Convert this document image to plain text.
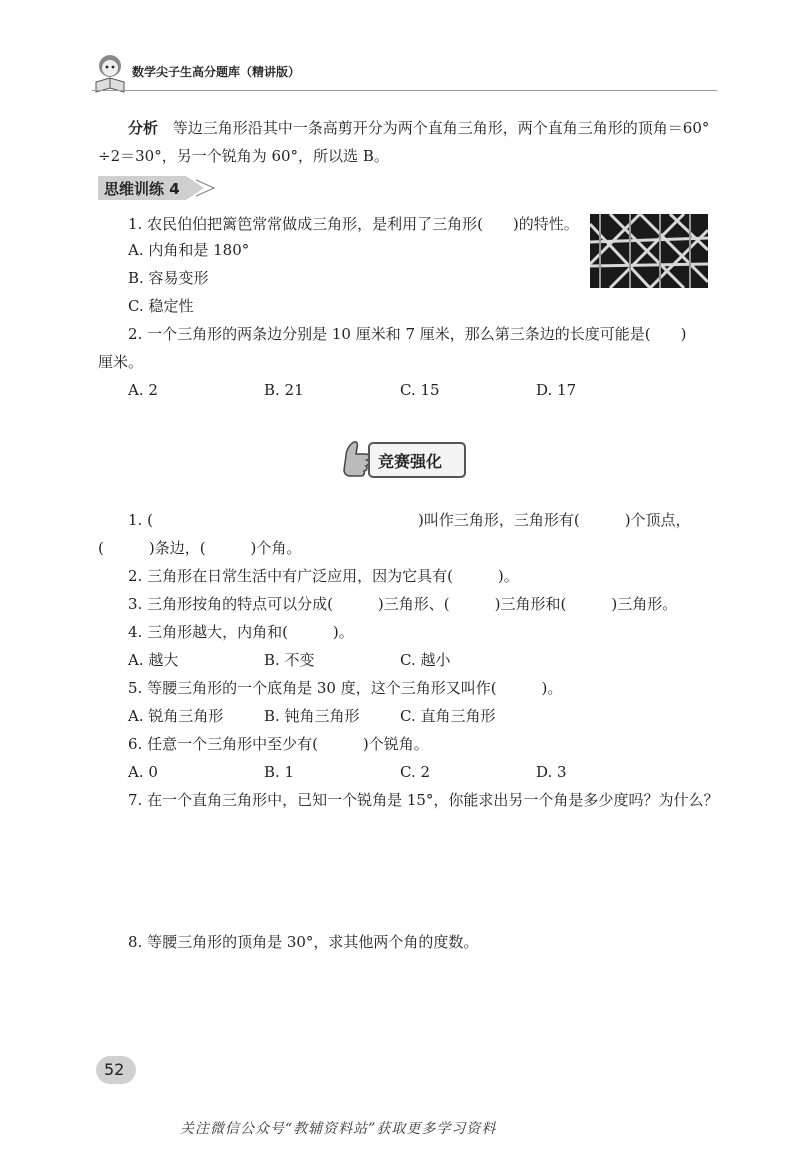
数学尖子生高分题库（精讲版）
分析 等边三角形沿其中一条高剪开分为两个直角三角形，两个直角三角形的顶角＝60°
÷2＝30°，另一个锐角为 60°，所以选 B。
思维训练 4
1. 农民伯伯把篱笆常常做成三角形，是利用了三角形(　　)的特性。
A. 内角和是 180°
B. 容易变形
C. 稳定性
2. 一个三角形的两条边分别是 10 厘米和 7 厘米，那么第三条边的长度可能是(　　)
厘米。
A. 2	B. 21	C. 15	D. 17
竞赛强化
1. (	)叫作三角形，三角形有(　　　)个顶点，
(　　　)条边，(　　　)个角。
2. 三角形在日常生活中有广泛应用，因为它具有(　　　)。
3. 三角形按角的特点可以分成(　　　)三角形、(　　　)三角形和(　　　)三角形。
4. 三角形越大，内角和(　　　)。
A. 越大	B. 不变	C. 越小
5. 等腰三角形的一个底角是 30 度，这个三角形又叫作(　　　)。
A. 锐角三角形	B. 钝角三角形	C. 直角三角形
6. 任意一个三角形中至少有(　　　)个锐角。
A. 0	B. 1	C. 2	D. 3
7. 在一个直角三角形中，已知一个锐角是 15°，你能求出另一个角是多少度吗？为什么？
8. 等腰三角形的顶角是 30°，求其他两个角的度数。
52
关注微信公众号“教辅资料站”获取更多学习资料
